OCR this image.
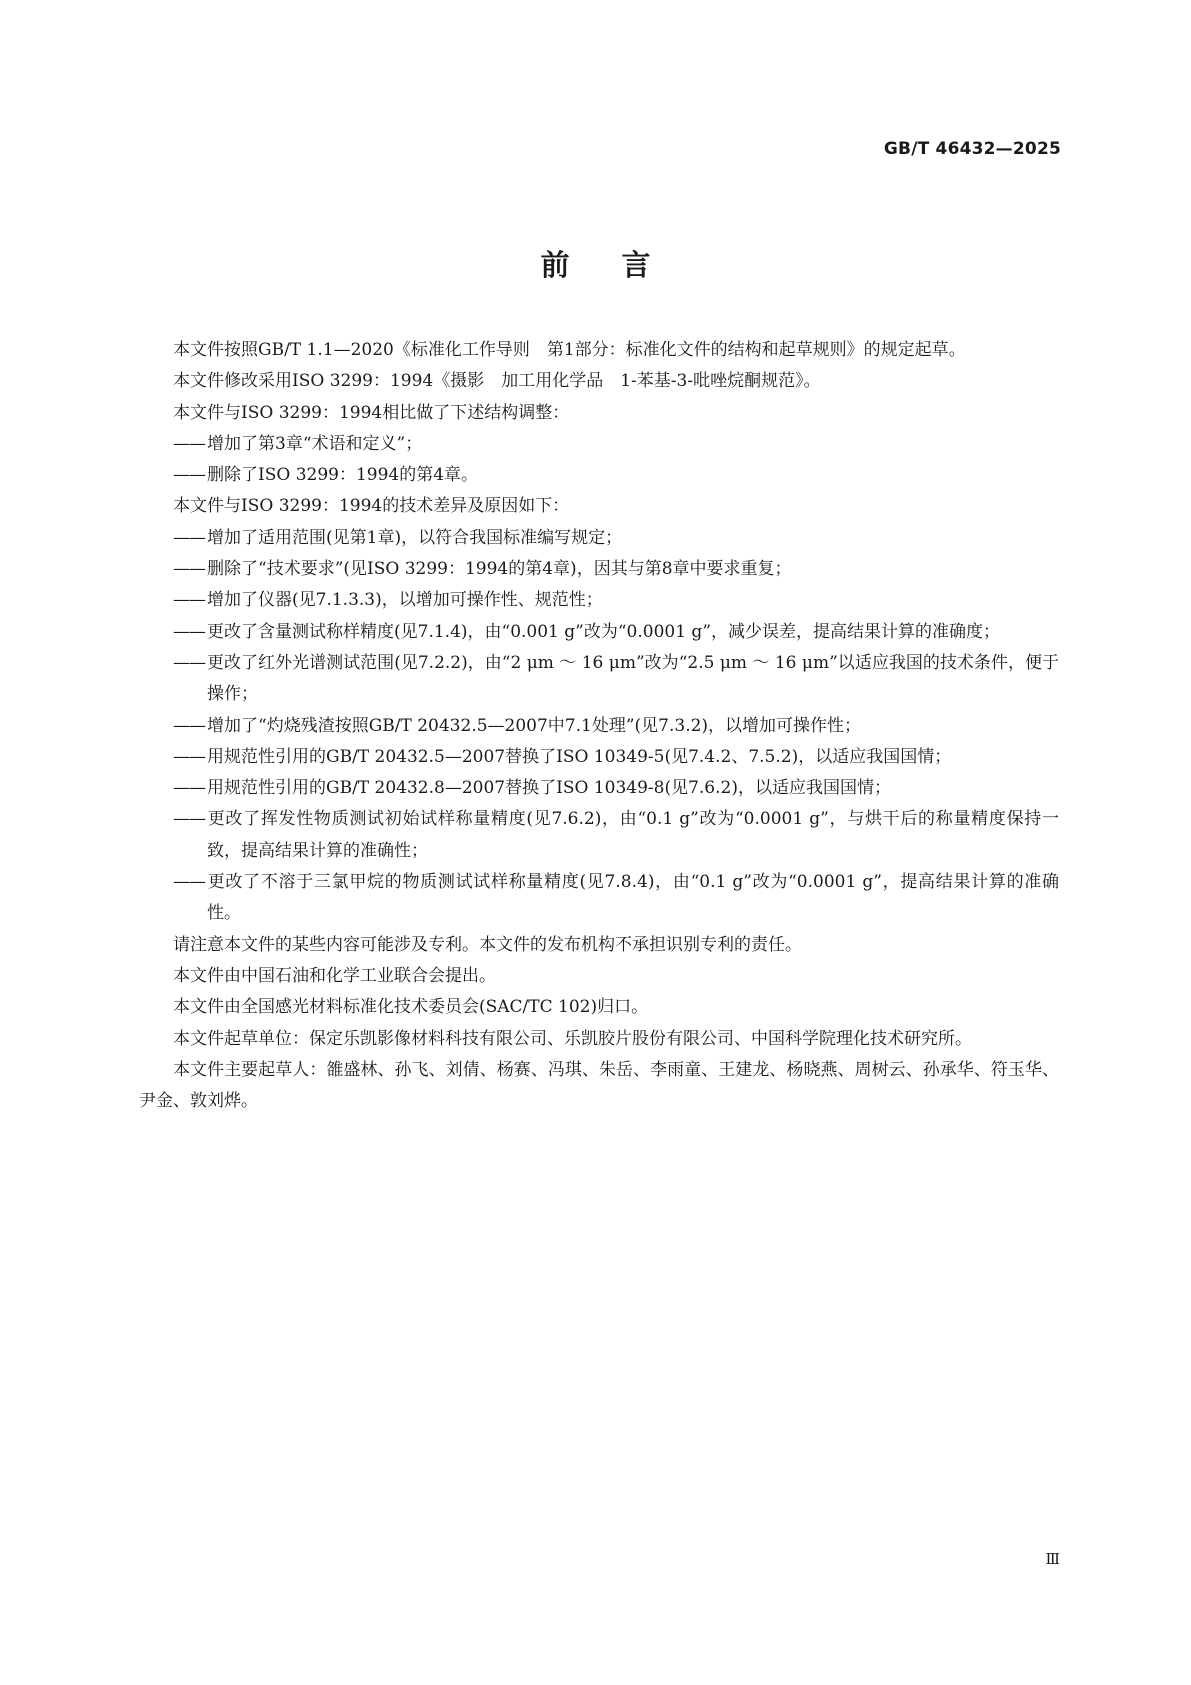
GB/T 46432—2025
前言

本文件按照GB/T 1.1—2020《标准化工作导则　第1部分：标准化文件的结构和起草规则》的规定起草。

本文件修改采用ISO 3299：1994《摄影　加工用化学品　1-苯基-3-吡唑烷酮规范》。

本文件与ISO 3299：1994相比做了下述结构调整：

—— 增加了第3章“术语和定义”；

—— 删除了ISO 3299：1994的第4章。

本文件与ISO 3299：1994的技术差异及原因如下：

—— 增加了适用范围(见第1章)，以符合我国标准编写规定；

—— 删除了“技术要求”(见ISO 3299：1994的第4章)，因其与第8章中要求重复；

—— 增加了仪器(见7.1.3.3)，以增加可操作性、规范性；

—— 更改了含量测试称样精度(见7.1.4)，由“0.001 g”改为“0.0001 g”，减少误差，提高结果计算的准确度；

—— 更改了红外光谱测试范围(见7.2.2)，由“2 μm ～ 16 μm”改为“2.5 μm ～ 16 μm”以适应我国的技术条件，便于操作；

—— 增加了“灼烧残渣按照GB/T 20432.5—2007中7.1处理”(见7.3.2)，以增加可操作性；

—— 用规范性引用的GB/T 20432.5—2007替换了ISO 10349-5(见7.4.2、7.5.2)，以适应我国国情；

—— 用规范性引用的GB/T 20432.8—2007替换了ISO 10349-8(见7.6.2)，以适应我国国情；

—— 更改了挥发性物质测试初始试样称量精度(见7.6.2)，由“0.1 g”改为“0.0001 g”，与烘干后的称量精度保持一致，提高结果计算的准确性；

—— 更改了不溶于三氯甲烷的物质测试试样称量精度(见7.8.4)，由“0.1 g”改为“0.0001 g”，提高结果计算的准确性。

请注意本文件的某些内容可能涉及专利。本文件的发布机构不承担识别专利的责任。

本文件由中国石油和化学工业联合会提出。

本文件由全国感光材料标准化技术委员会(SAC/TC 102)归口。

本文件起草单位：保定乐凯影像材料科技有限公司、乐凯胶片股份有限公司、中国科学院理化技术研究所。

本文件主要起草人：雒盛林、孙飞、刘倩、杨赛、冯琪、朱岳、李雨童、王建龙、杨晓燕、周树云、孙承华、符玉华、尹金、敦刘烨。

Ⅲ
